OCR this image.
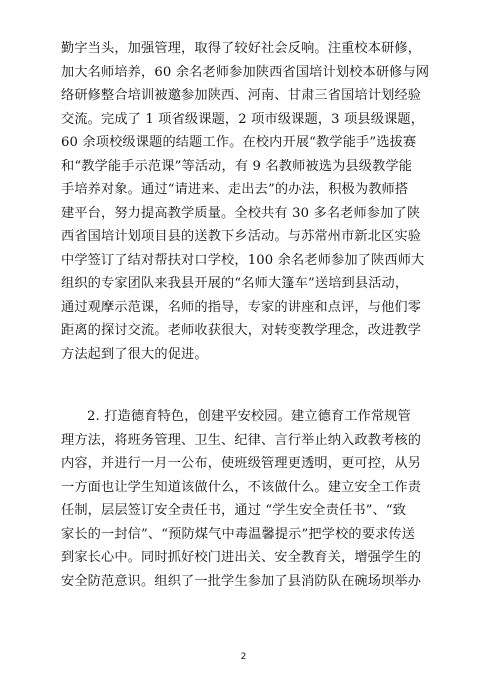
勤字当头，加强管理，取得了较好社会反响。注重校本研修，
加大名师培养，60 余名老师参加陕西省国培计划校本研修与网
络研修整合培训被邀参加陕西、河南、甘肃三省国培计划经验
交流。完成了 1 项省级课题，2 项市级课题，3 项县级课题，
60 余项校级课题的结题工作。在校内开展“教学能手”选拔赛
和“教学能手示范课”等活动，有 9 名教师被选为县级教学能
手培养对象。通过“请进来、走出去”的办法，积极为教师搭
建平台，努力提高教学质量。全校共有 30 多名老师参加了陕
西省国培计划项目县的送教下乡活动。与苏常州市新北区实验
中学签订了结对帮扶对口学校，100 余名老师参加了陕西师大
组织的专家团队来我县开展的“名师大篷车”送培到县活动，
通过观摩示范课，名师的指导，专家的讲座和点评，与他们零
距离的探讨交流。老师收获很大，对转变教学理念，改进教学
方法起到了很大的促进。
2. 打造德育特色，创建平安校园。建立德育工作常规管
理方法，将班务管理、卫生、纪律、言行举止纳入政教考核的
内容，并进行一月一公布，使班级管理更透明，更可控，从另
一方面也让学生知道该做什么，不该做什么。建立安全工作责
任制，层层签订安全责任书，通过 “学生安全责任书”、“致
家长的一封信”、“预防煤气中毒温馨提示”把学校的要求传送
到家长心中。同时抓好校门进出关、安全教育关，增强学生的
安全防范意识。组织了一批学生参加了县消防队在碗场坝举办
2
